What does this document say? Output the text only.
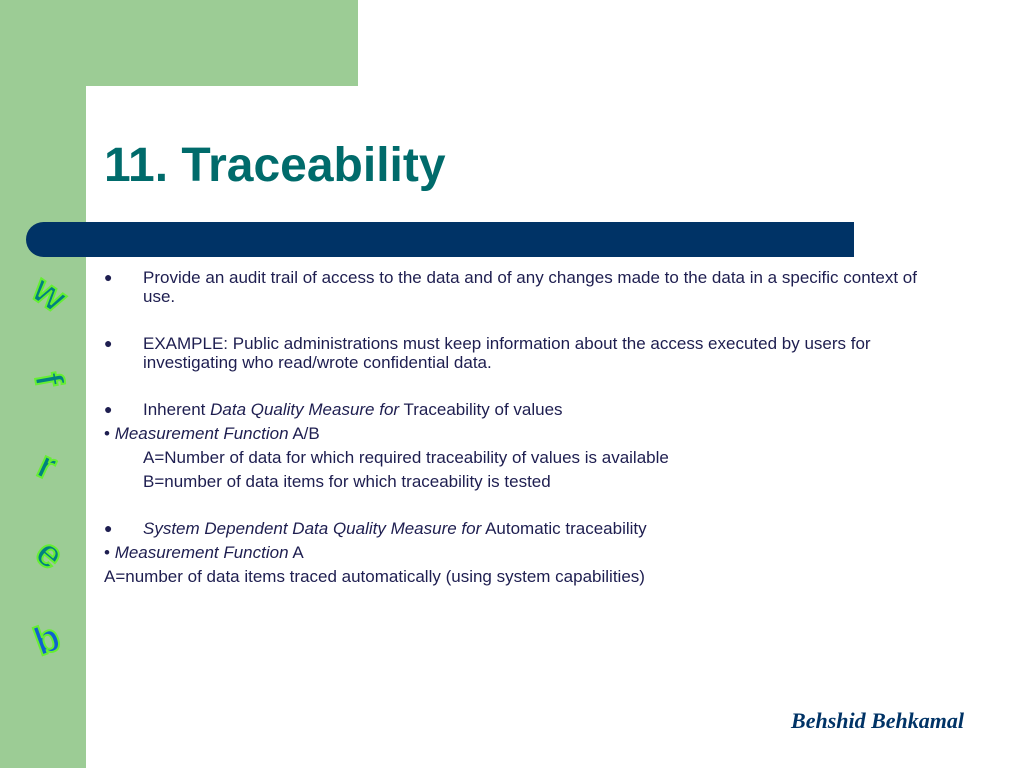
w
f
r
e
b
11. Traceability
● Provide an audit trail of access to the data and of any changes made to the data in a specific context of use.
● EXAMPLE: Public administrations must keep information about the access executed by users for investigating who read/wrote confidential data.
● Inherent Data Quality Measure for Traceability of values
• Measurement Function A/B
A=Number of data for which required traceability of values is available
B=number of data items for which traceability is tested
● System Dependent Data Quality Measure for Automatic traceability
• Measurement Function A
A=number of data items traced automatically (using system capabilities)
Behshid Behkamal
